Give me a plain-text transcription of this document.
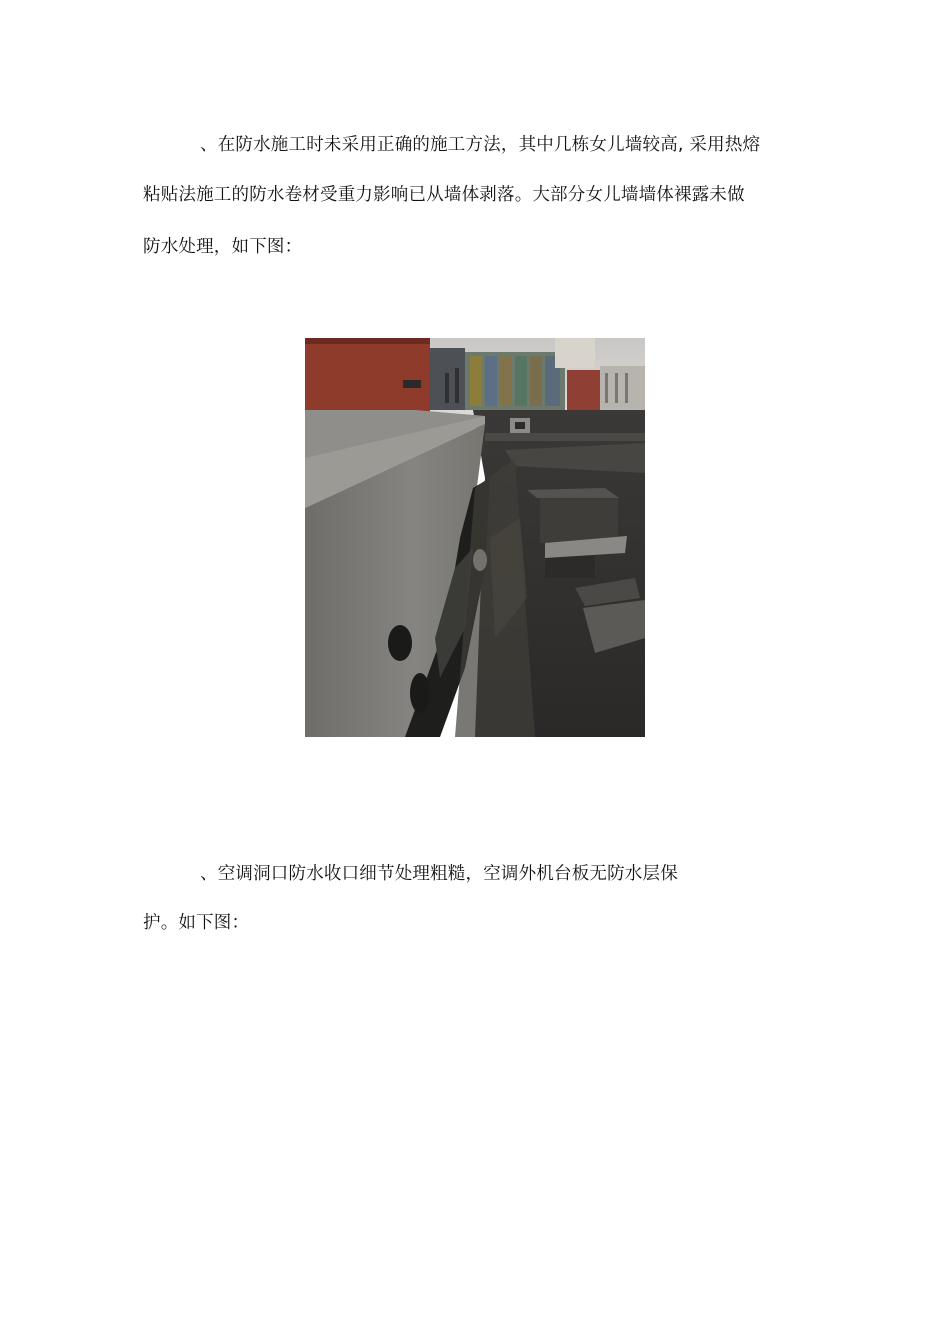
、在防水施工时未采用正确的施工方法，其中几栋女儿墙较高, 采用热熔
粘贴法施工的防水卷材受重力影响已从墙体剥落。大部分女儿墙墙体裸露未做
防水处理，如下图：
、空调洞口防水收口细节处理粗糙，空调外机台板无防水层保
护。如下图：
